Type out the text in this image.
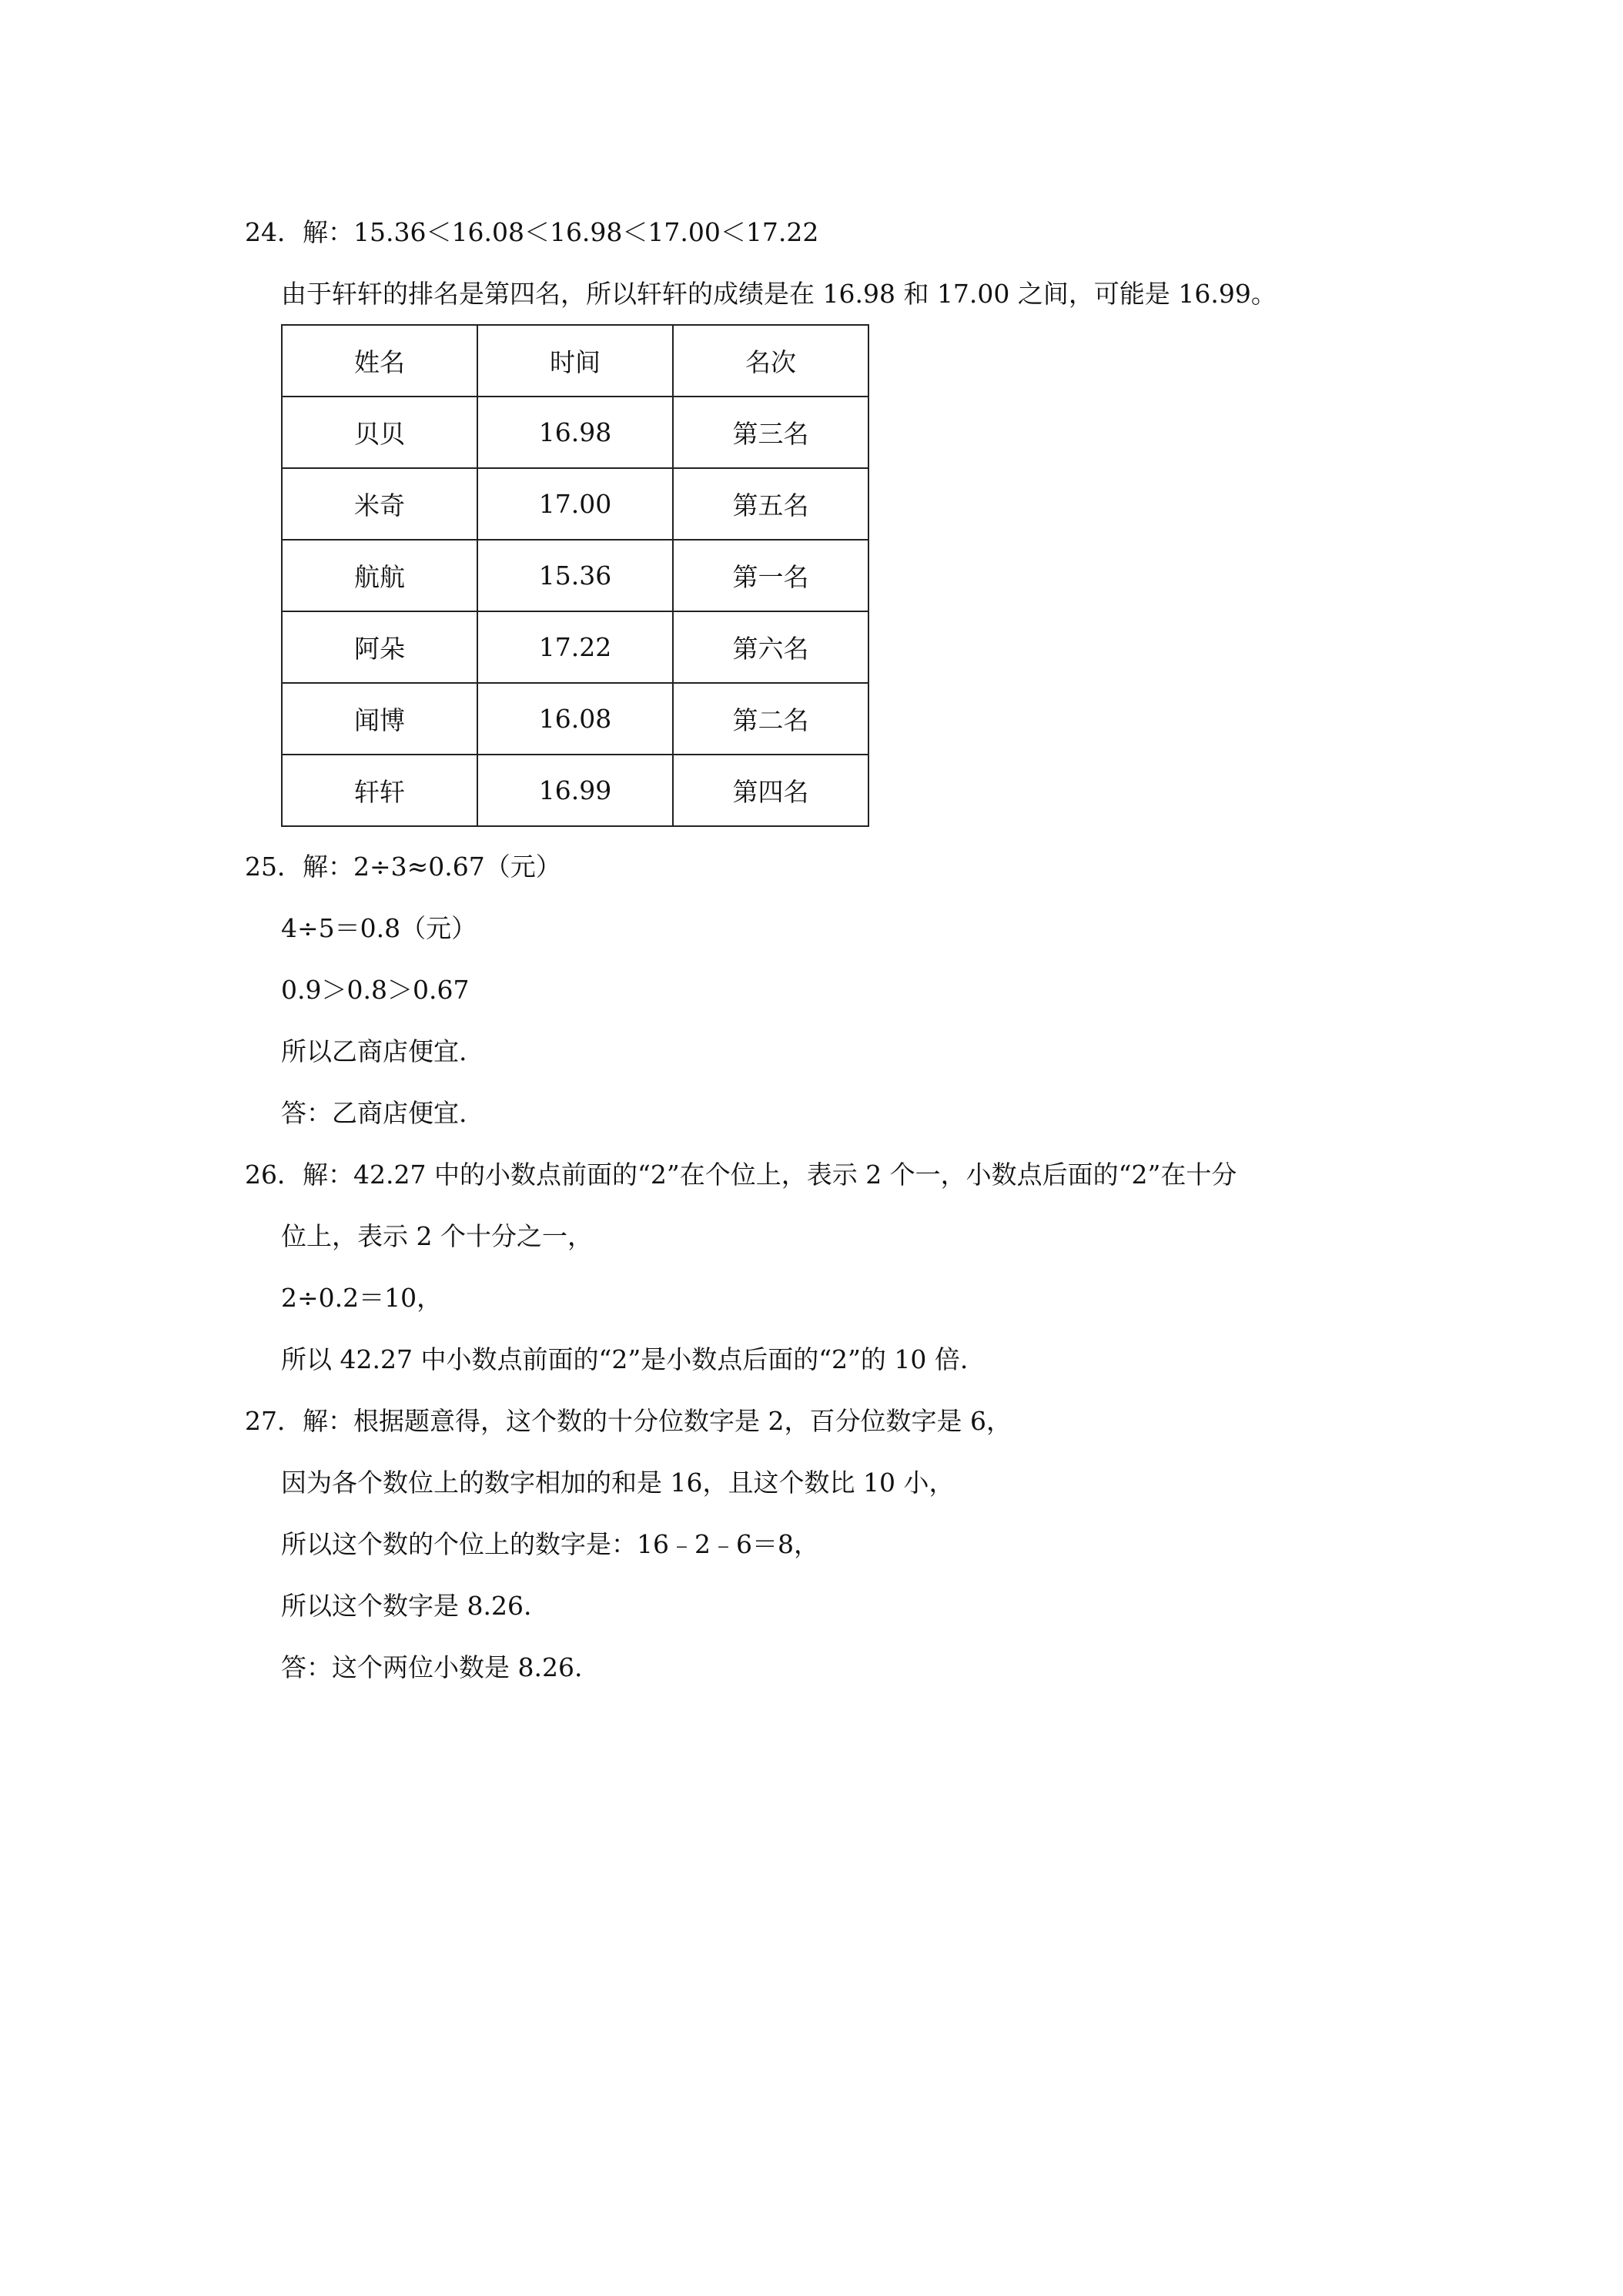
24．解：15.36＜16.08＜16.98＜17.00＜17.22
由于轩轩的排名是第四名，所以轩轩的成绩是在 16.98 和 17.00 之间，可能是 16.99。
姓名	时间	名次
贝贝	16.98	第三名
米奇	17.00	第五名
航航	15.36	第一名
阿朵	17.22	第六名
闻博	16.08	第二名
轩轩	16.99	第四名
25．解：2÷3≈0.67（元）
4÷5＝0.8（元）
0.9＞0.8＞0.67
所以乙商店便宜.
答：乙商店便宜.
26．解：42.27 中的小数点前面的“2”在个位上，表示 2 个一，小数点后面的“2”在十分
位上，表示 2 个十分之一，
2÷0.2＝10，
所以 42.27 中小数点前面的“2”是小数点后面的“2”的 10 倍.
27．解：根据题意得，这个数的十分位数字是 2，百分位数字是 6，
因为各个数位上的数字相加的和是 16，且这个数比 10 小，
所以这个数的个位上的数字是：16﹣2﹣6＝8，
所以这个数字是 8.26.
答：这个两位小数是 8.26.
